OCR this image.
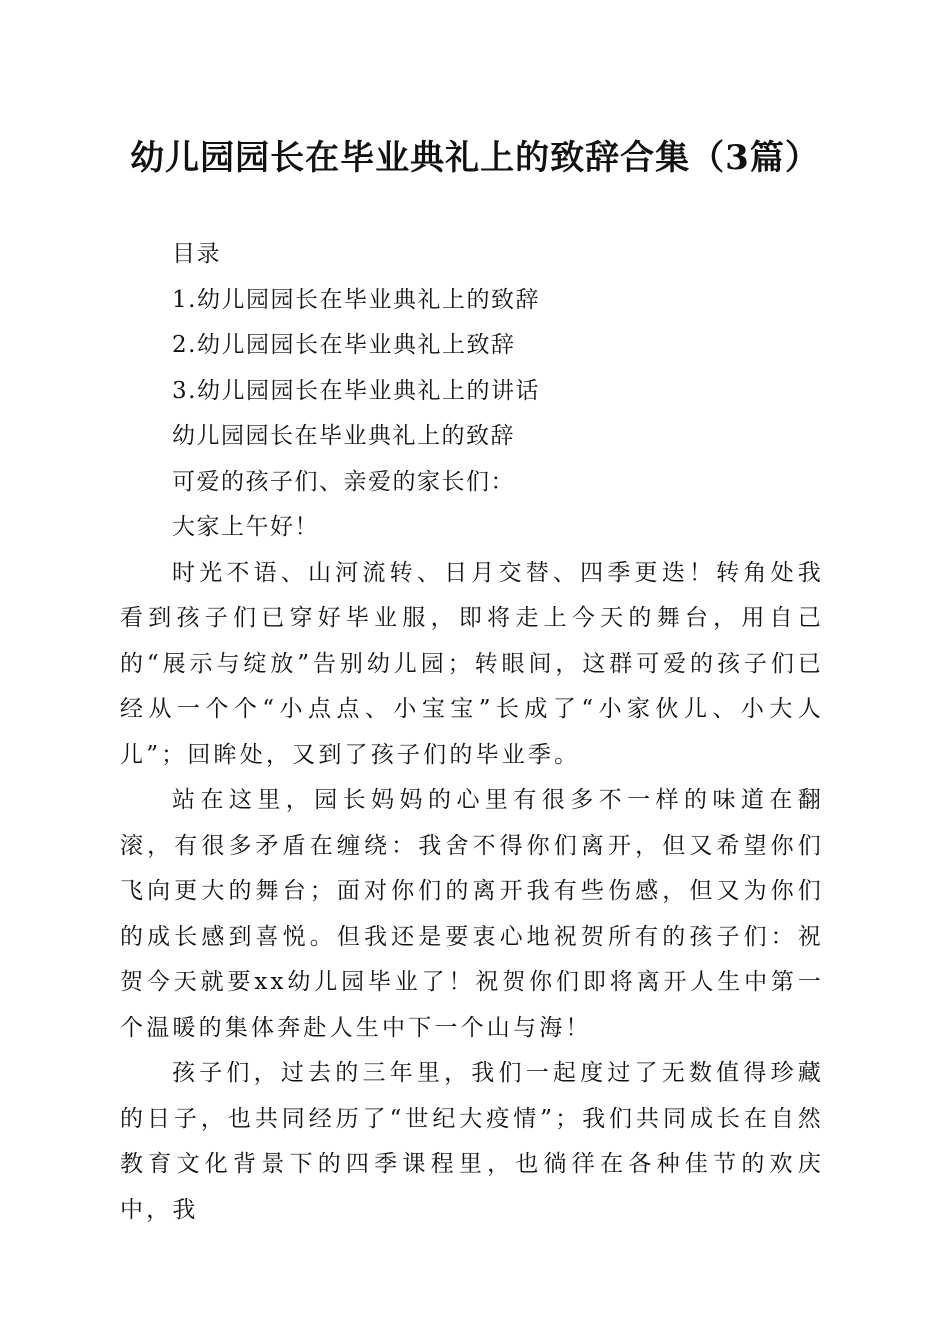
幼儿园园长在毕业典礼上的致辞合集（3篇）

目录

1.幼儿园园长在毕业典礼上的致辞

2.幼儿园园长在毕业典礼上致辞

3.幼儿园园长在毕业典礼上的讲话

幼儿园园长在毕业典礼上的致辞

可爱的孩子们、亲爱的家长们：

大家上午好！

时光不语、山河流转、日月交替、四季更迭！转角处我看到孩子们已穿好毕业服，即将走上今天的舞台，用自己的“展示与绽放”告别幼儿园；转眼间，这群可爱的孩子们已经从一个个“小点点、小宝宝”长成了“小家伙儿、小大人儿”；回眸处，又到了孩子们的毕业季。

站在这里，园长妈妈的心里有很多不一样的味道在翻滚，有很多矛盾在缠绕：我舍不得你们离开，但又希望你们飞向更大的舞台；面对你们的离开我有些伤感，但又为你们的成长感到喜悦。但我还是要衷心地祝贺所有的孩子们：祝贺今天就要xx幼儿园毕业了！祝贺你们即将离开人生中第一个温暖的集体奔赴人生中下一个山与海！

孩子们，过去的三年里，我们一起度过了无数值得珍藏的日子，也共同经历了“世纪大疫情”；我们共同成长在自然教育文化背景下的四季课程里，也徜徉在各种佳节的欢庆中，我
